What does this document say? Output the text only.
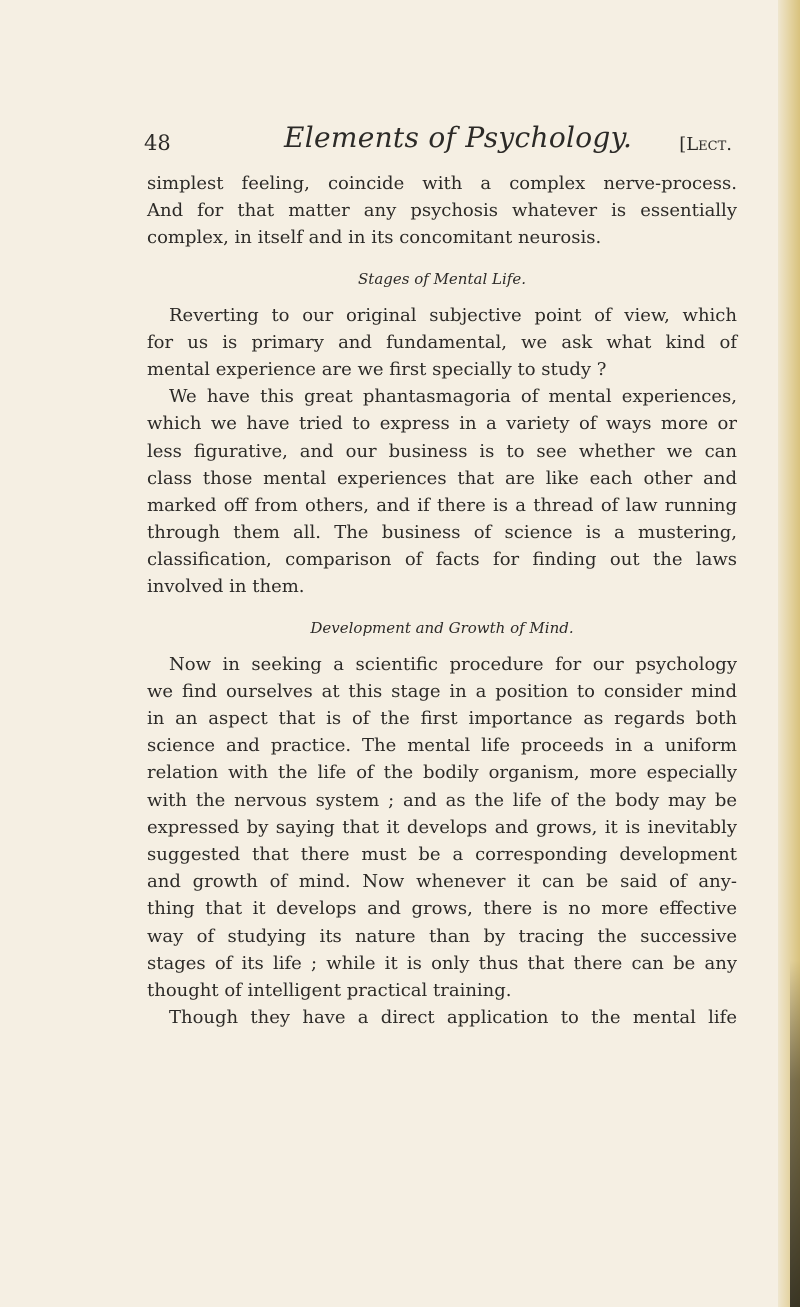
48	Elements of Psychology.	[Lect.

simplest feeling, coincide with a complex nerve-process.
And for that matter any psychosis whatever is essentially
complex, in itself and in its concomitant neurosis.

Stages of Mental Life.

Reverting to our original subjective point of view, which
for us is primary and fundamental, we ask what kind of
mental experience are we first specially to study ?

We have this great phantasmagoria of mental experiences,
which we have tried to express in a variety of ways more or
less figurative, and our business is to see whether we can
class those mental experiences that are like each other and
marked off from others, and if there is a thread of law running
through them all. The business of science is a mustering,
classification, comparison of facts for finding out the laws
involved in them.

Development and Growth of Mind.

Now in seeking a scientific procedure for our psychology
we find ourselves at this stage in a position to consider mind
in an aspect that is of the first importance as regards both
science and practice. The mental life proceeds in a uniform
relation with the life of the bodily organism, more especially
with the nervous system ; and as the life of the body may be
expressed by saying that it develops and grows, it is inevitably
suggested that there must be a corresponding development
and growth of mind. Now whenever it can be said of any-
thing that it develops and grows, there is no more effective
way of studying its nature than by tracing the successive
stages of its life ; while it is only thus that there can be any
thought of intelligent practical training.

Though they have a direct application to the mental life
